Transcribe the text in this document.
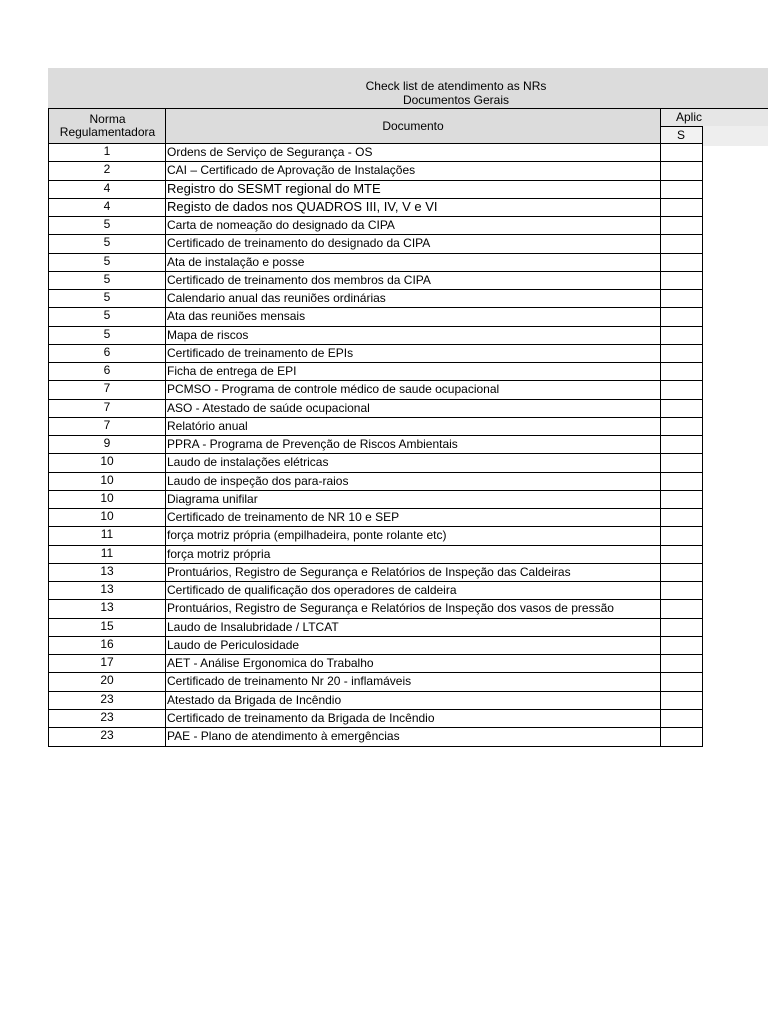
Check list de atendimento as NRs
Documentos Gerais
Norma Regulamentadora	Documento
Aplic
S
1	Ordens de Serviço de Segurança - OS
2	CAI – Certificado de Aprovação de Instalações
4	Registro do SESMT regional do MTE
4	Registo de dados nos QUADROS III, IV, V e VI
5	Carta de nomeação do designado da CIPA
5	Certificado de treinamento do designado da CIPA
5	Ata de instalação e posse
5	Certificado de treinamento dos membros da CIPA
5	Calendario anual das reuniões ordinárias
5	Ata das reuniões mensais
5	Mapa de riscos
6	Certificado de treinamento de EPIs
6	Ficha de entrega de EPI
7	PCMSO - Programa de controle médico de saude ocupacional
7	ASO - Atestado de saúde ocupacional
7	Relatório anual
9	PPRA - Programa de Prevenção de Riscos Ambientais
10	Laudo de instalações elétricas
10	Laudo de inspeção dos para-raios
10	Diagrama unifilar
10	Certificado de treinamento de NR 10 e SEP
11	força motriz própria (empilhadeira, ponte rolante etc)
11	força motriz própria
13	Prontuários, Registro de Segurança e Relatórios de Inspeção das Caldeiras
13	Certificado de qualificação dos operadores de caldeira
13	Prontuários, Registro de Segurança e Relatórios de Inspeção dos vasos de pressão
15	Laudo de Insalubridade / LTCAT
16	Laudo de Periculosidade
17	AET - Análise Ergonomica do Trabalho
20	Certificado de treinamento Nr 20 - inflamáveis
23	Atestado da Brigada de Incêndio
23	Certificado de treinamento da Brigada de Incêndio
23	PAE - Plano de atendimento à emergências
